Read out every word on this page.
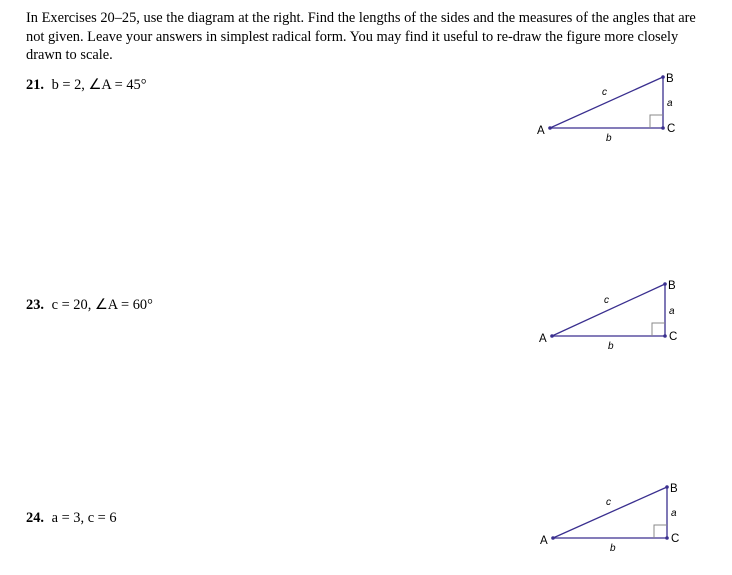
In Exercises 20–25, use the diagram at the right. Find the lengths of the sides and the measures of the angles that are not given. Leave your answers in simplest radical form. You may find it useful to re-draw the figure more closely drawn to scale.

21. b = 2, ∠A = 45°
A
B
C
a
b
c
23. c = 20, ∠A = 60°
A
B
C
a
b
c
24. a = 3, c = 6
A
B
C
a
b
c
